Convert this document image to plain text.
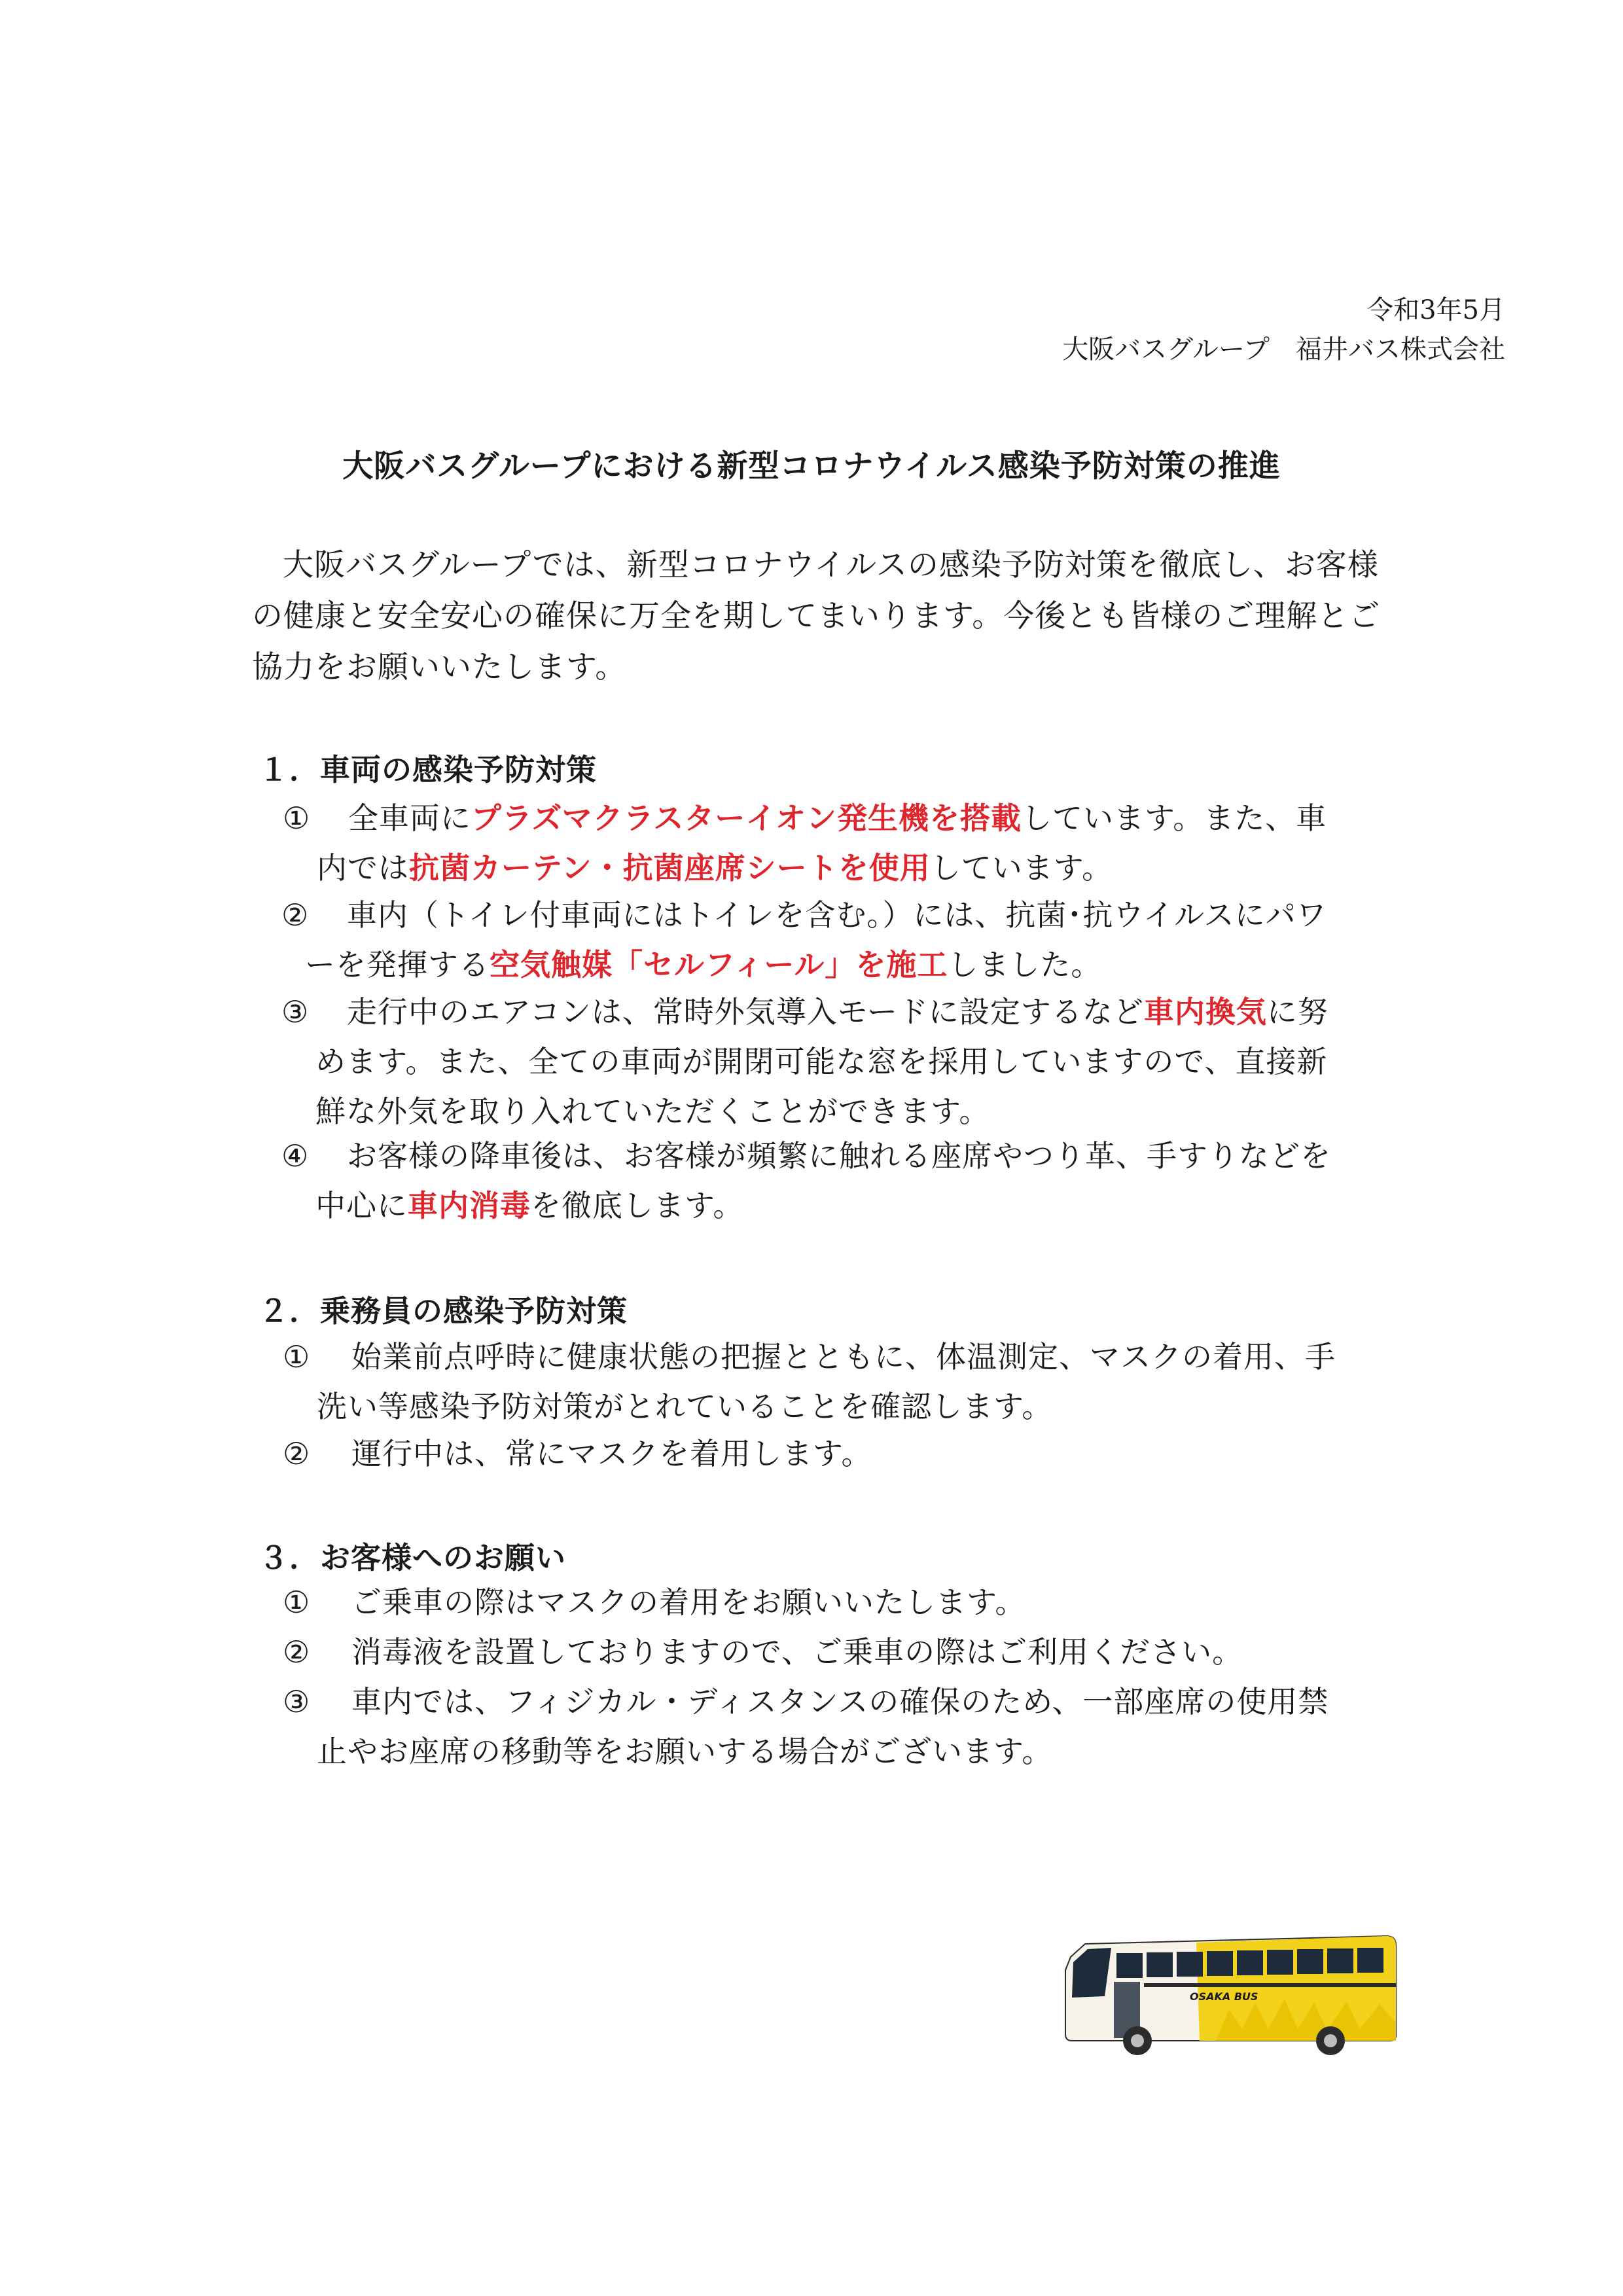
令和3年5月
大阪バスグループ　福井バス株式会社
大阪バスグループにおける新型コロナウイルス感染予防対策の推進
大阪バスグループでは、新型コロナウイルスの感染予防対策を徹底し、お客様の健康と安全安心の確保に万全を期してまいります。今後とも皆様のご理解とご協力をお願いいたします。
１．車両の感染予防対策
①	全車両にプラズマクラスターイオン発生機を搭載しています。また、車
内では抗菌カーテン・抗菌座席シートを使用しています。
②	車内（トイレ付車両にはトイレを含む。）には、抗菌･抗ウイルスにパワ
ーを発揮する空気触媒「セルフィール」を施工しました。
③	走行中のエアコンは、常時外気導入モードに設定するなど車内換気に努
めます。また、全ての車両が開閉可能な窓を採用していますので、直接新
鮮な外気を取り入れていただくことができます。
④	お客様の降車後は、お客様が頻繁に触れる座席やつり革、手すりなどを
中心に車内消毒を徹底します。
２．乗務員の感染予防対策
①	始業前点呼時に健康状態の把握とともに、体温測定、マスクの着用、手
洗い等感染予防対策がとれていることを確認します。
②	運行中は、常にマスクを着用します。
３．お客様へのお願い
①	ご乗車の際はマスクの着用をお願いいたします。
②	消毒液を設置しておりますので、ご乗車の際はご利用ください。
③	車内では、フィジカル・ディスタンスの確保のため、一部座席の使用禁
止やお座席の移動等をお願いする場合がございます。
OSAKA BUS
